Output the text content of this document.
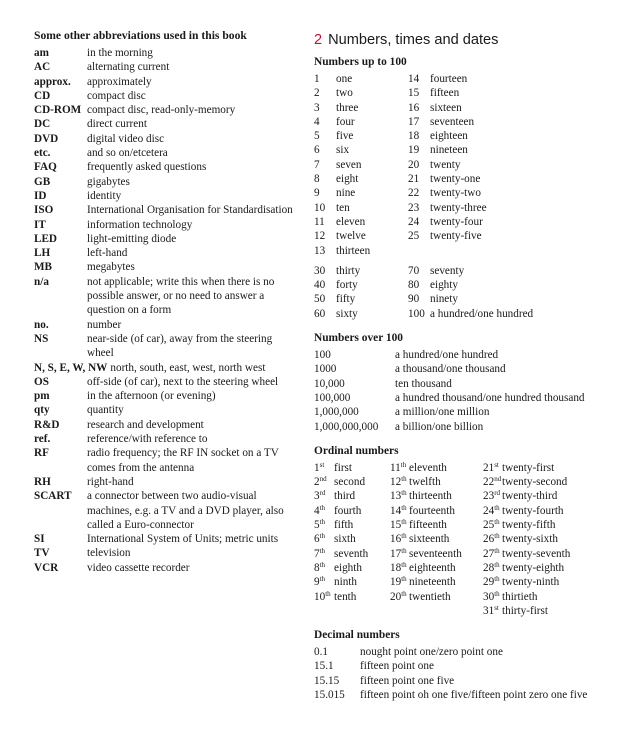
Some other abbreviations used in this book
am	in the morning
AC	alternating current
approx.	approximately
CD	compact disc
CD-ROM compact disc, read-only-memory
DC	direct current
DVD	digital video disc
etc.	and so on/etcetera
FAQ	frequently asked questions
GB	gigabytes
ID	identity
ISO	International Organisation for Standardisation
IT	information technology
LED	light-emitting diode
LH	left-hand
MB	megabytes
n/a	not applicable; write this when there is no possible answer, or no need to answer a question on a form
no.	number
NS	near-side (of car), away from the steering wheel
N, S, E, W, NW north, south, east, west, north west
OS	off-side (of car), next to the steering wheel
pm	in the afternoon (or evening)
qty	quantity
R&D	research and development
ref.	reference/with reference to
RF	radio frequency; the RF IN socket on a TV comes from the antenna
RH	right-hand
SCART	a connector between two audio-visual machines, e.g. a TV and a DVD player, also called a Euro-connector
SI	International System of Units; metric units
TV	television
VCR	video cassette recorder
2 Numbers, times and dates
Numbers up to 100
1	one	14 fourteen
2	two	15 fifteen
3	three	16 sixteen
4	four	17 seventeen
5	five	18 eighteen
6	six	19 nineteen
7	seven	20 twenty
8	eight	21 twenty-one
9	nine	22 twenty-two
10 ten	23 twenty-three
11	eleven	24 twenty-four
12 twelve	25 twenty-five
13 thirteen
30 thirty	70 seventy
40 forty	80 eighty
50 fifty	90 ninety
60 sixty	100 a hundred/one hundred
Numbers over 100
100	a hundred/one hundred
1000	a thousand/one thousand
10,000	ten thousand
100,000	a hundred thousand/one hundred thousand
1,000,000	a million/one million
1,000,000,000	a billion/one billion
Ordinal numbers
1st first	11th eleventh	21st twenty-first
2nd second	12th twelfth	22ndtwenty-second
3rd third	13th thirteenth	23rd twenty-third
4th fourth	14th fourteenth	24th twenty-fourth
5th fifth	15th fifteenth	25th twenty-fifth
6th sixth	16th sixteenth	26th twenty-sixth
7th seventh	17th seventeenth	27th twenty-seventh
8th eighth	18th eighteenth	28th twenty-eighth
9th ninth	19th nineteenth	29th twenty-ninth
10th tenth	20th twentieth	30th thirtieth
31st thirty-first
Decimal numbers
0.1	nought point one/zero point one
15.1	fifteen point one
15.15	fifteen point one five
15.015	fifteen point oh one five/fifteen point zero one five
